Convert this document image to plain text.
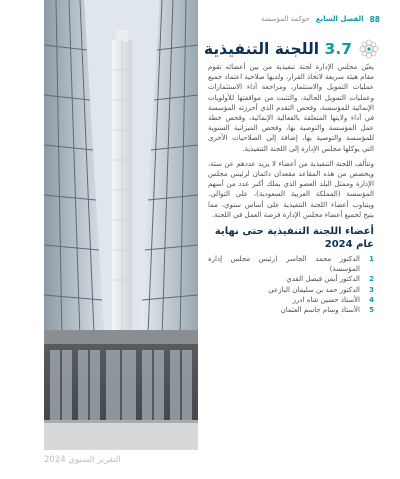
88
الفصل السابع
حوكمة المؤسسة
3.7 اللجنة التنفيذية

يعيّن مجلس الإدارة لجنة تنفيذية من بين أعضائه تقوم مقام هيئة سريعة لاتخاذ القرار، ولديها صلاحية اعتماد جميع عمليات التمويل والاستثمار، ومراجعة أداء الاستثمارات وعمليات التمويل الحالية، والتثبت من موافقتها للأولويات الإنمائية للمؤسسة، وفحص التقدم الذي أحرزته المؤسسة في أداء ولايتها المتعلقة بالفعالية الإنمائية، وفحص خطة عمل المؤسسة والتوصية بها، وفحص الميزانية السنوية للمؤسسة والتوصية بها، إضافة إلى الصلاحيات الأخرى التي يوكلها مجلس الإدارة إلى اللجنة التنفيذية.

وتتألف اللجنة التنفيذية من أعضاء لا يزيد عددهم عن ستة، ويخصص من هذه المقاعد مقعدان دائمان لرئيس مجلس الإدارة وممثل البلد العضو الذي يملك أكبر عدد من أسهم المؤسسة (المملكة العربية السعودية)، على التوالي. ويتناوب أعضاء اللجنة التنفيذية على أساس سنوي، مما يتيح لجميع أعضاء مجلس الإدارة فرصة العمل في اللجنة.

أعضاء اللجنة التنفيذية حتى نهاية عام 2024
1
الدكتور محمد الجاسر (رئيس مجلس إدارة المؤسسة)
2
الدكتور أيمن فيصل القدي
3
الدكتور حمد بن سليمان البازعي
4
الأستاذ حسين شاه ادرر
5
الأستاذ وسام جاسم العثمان
التقرير السنوي 2024
